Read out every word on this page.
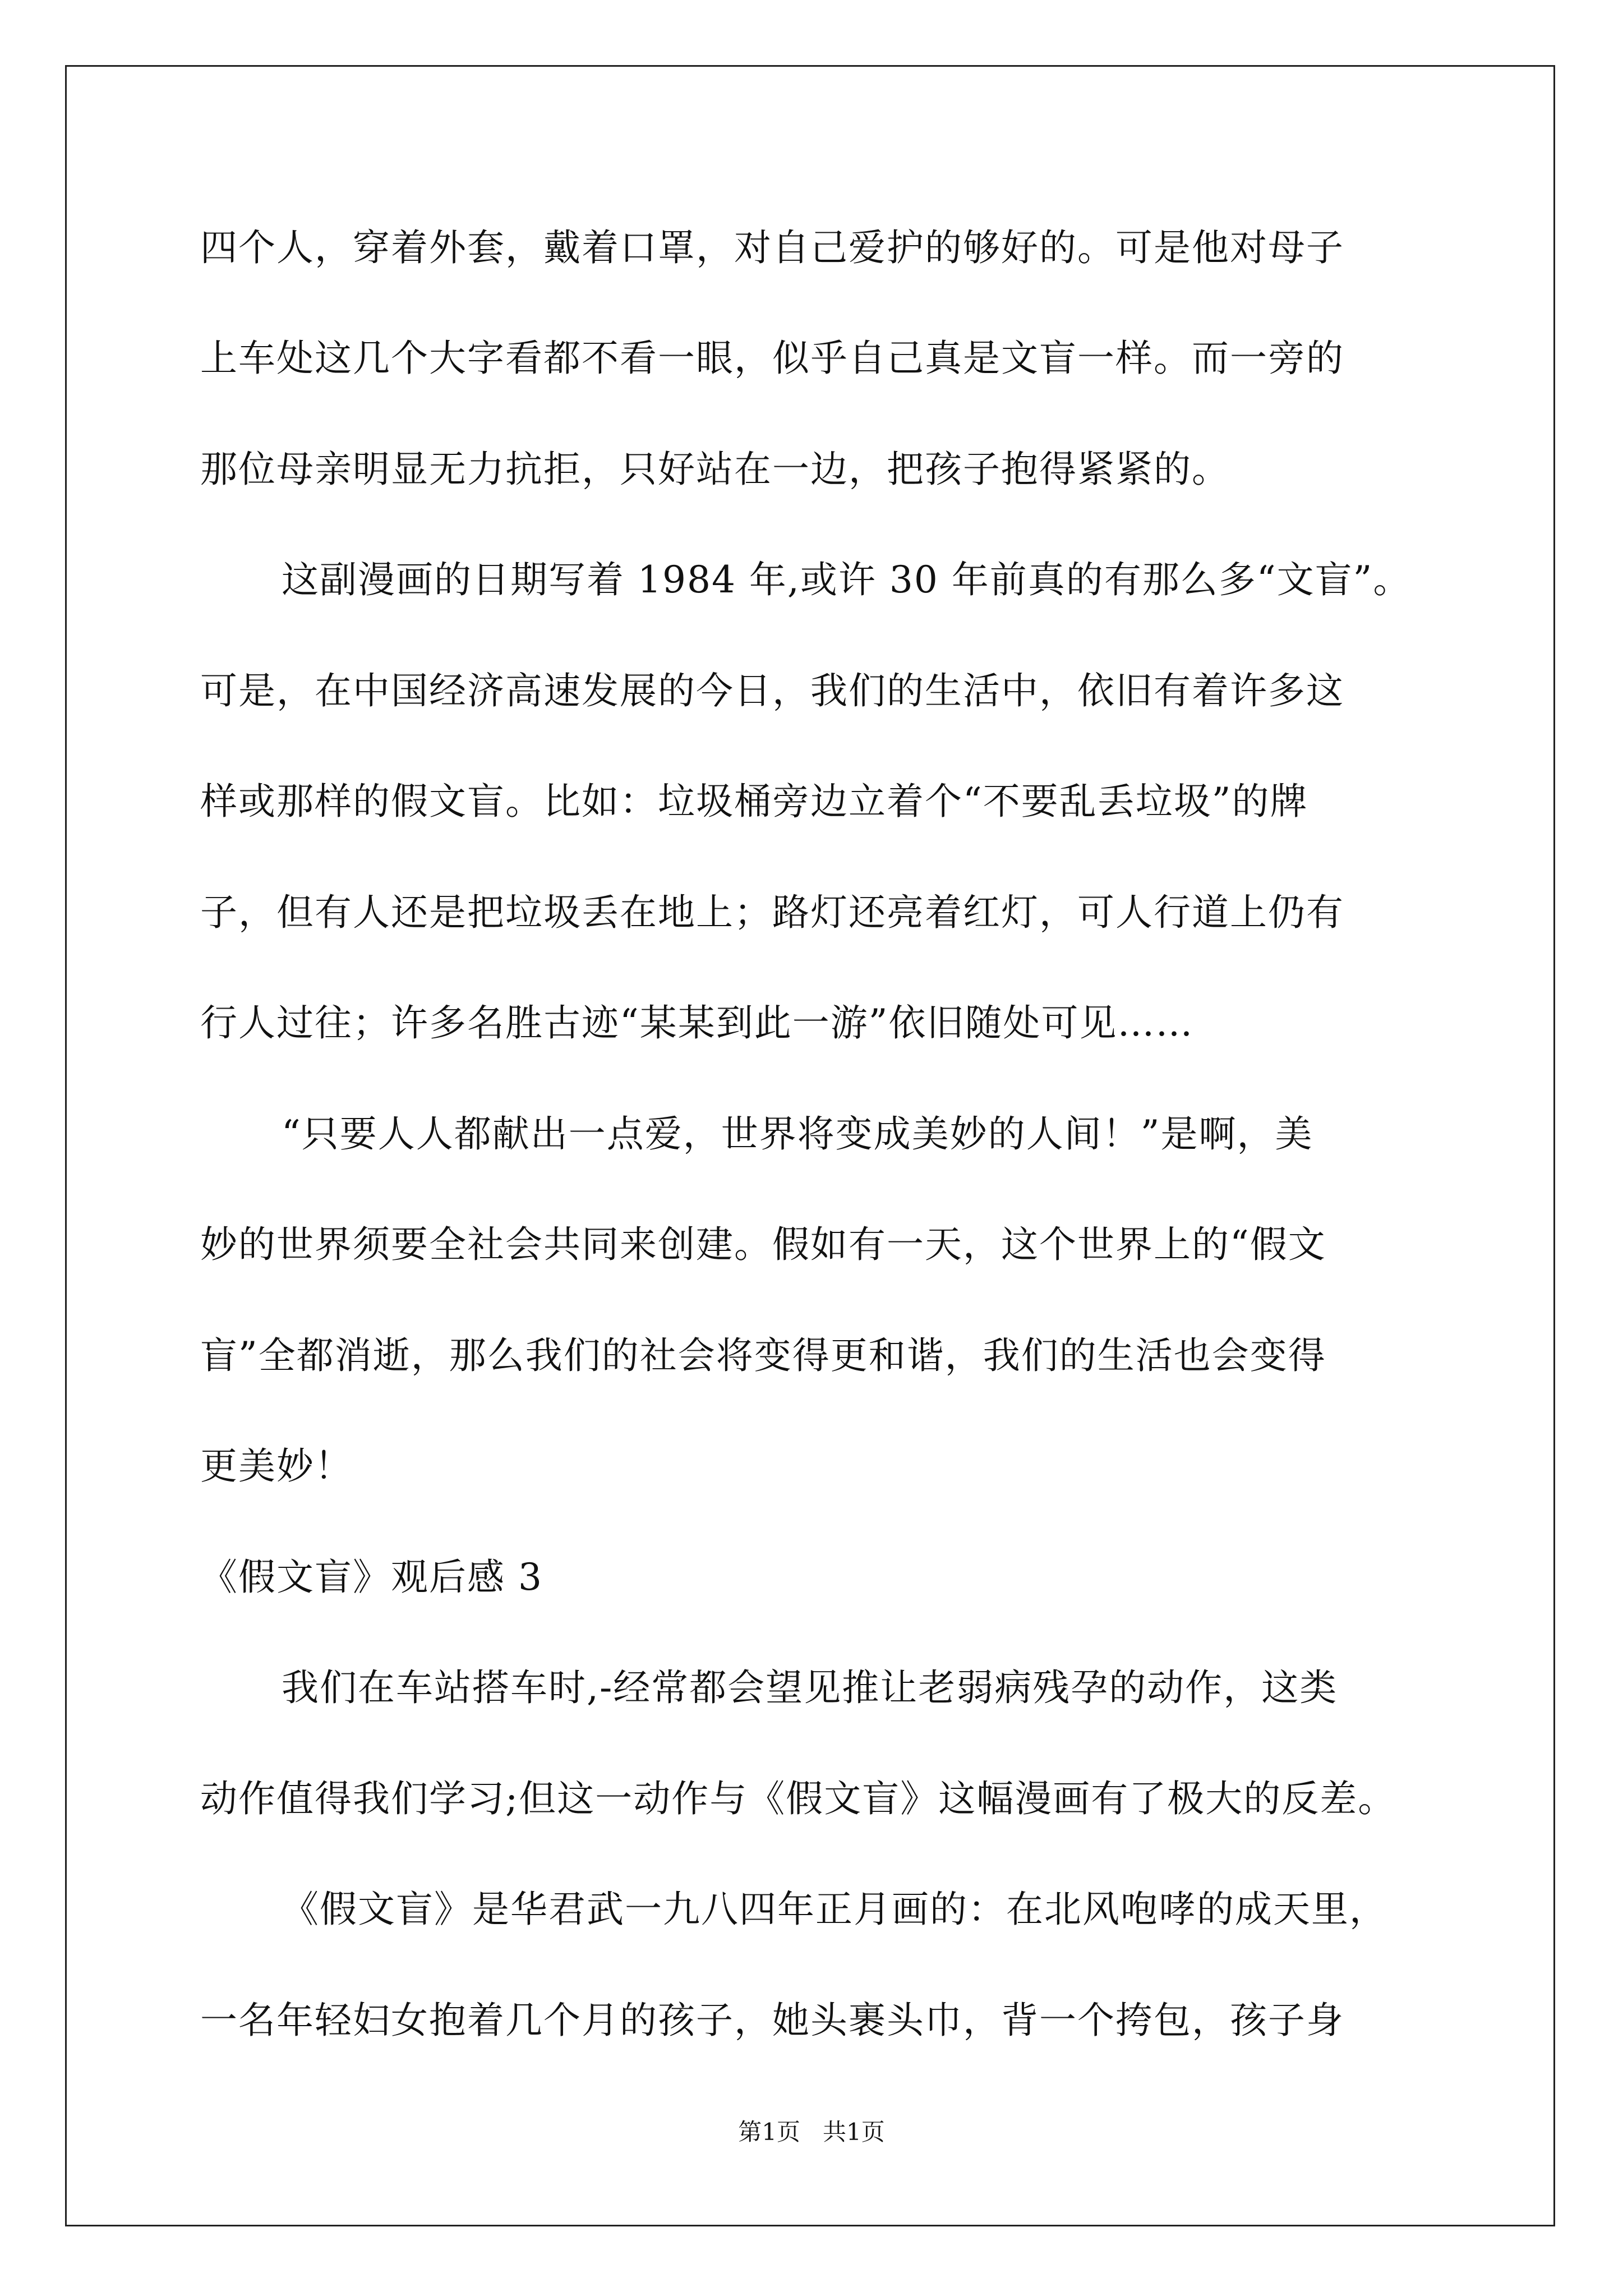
四个人，穿着外套，戴着口罩，对自己爱护的够好的。可是他对母子
上车处这几个大字看都不看一眼，似乎自己真是文盲一样。而一旁的
那位母亲明显无力抗拒，只好站在一边，把孩子抱得紧紧的。
这副漫画的日期写着 1984 年,或许 30 年前真的有那么多“文盲”。
可是，在中国经济高速发展的今日，我们的生活中，依旧有着许多这
样或那样的假文盲。比如：垃圾桶旁边立着个“不要乱丢垃圾”的牌
子，但有人还是把垃圾丢在地上；路灯还亮着红灯，可人行道上仍有
行人过往；许多名胜古迹“某某到此一游”依旧随处可见……
“只要人人都献出一点爱，世界将变成美妙的人间！”是啊，美
妙的世界须要全社会共同来创建。假如有一天，这个世界上的“假文
盲”全都消逝，那么我们的社会将变得更和谐，我们的生活也会变得
更美妙！
《假文盲》观后感 3
我们在车站搭车时,-经常都会望见推让老弱病残孕的动作，这类
动作值得我们学习;但这一动作与《假文盲》这幅漫画有了极大的反差。
《假文盲》是华君武一九八四年正月画的：在北风咆哮的成天里，
一名年轻妇女抱着几个月的孩子，她头裹头巾，背一个挎包，孩子身
第1页   共1页
